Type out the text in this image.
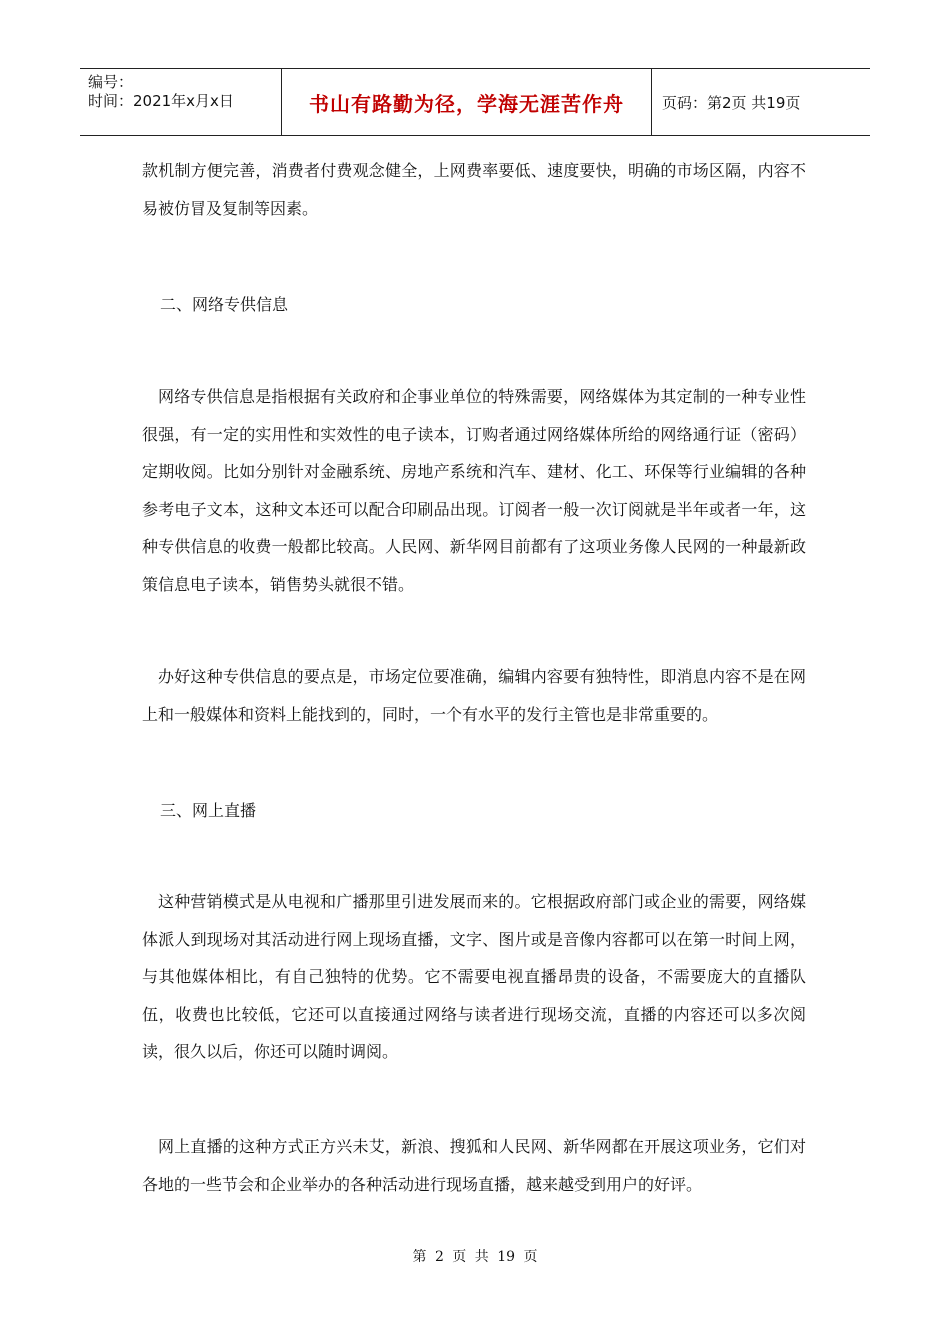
编号：
时间：2021年x月x日	书山有路勤为径，学海无涯苦作舟	页码：第2页 共19页

款机制方便完善，消费者付费观念健全，上网费率要低、速度要快，明确的市场区隔，内容不易被仿冒及复制等因素。

二、网络专供信息

网络专供信息是指根据有关政府和企事业单位的特殊需要，网络媒体为其定制的一种专业性很强，有一定的实用性和实效性的电子读本，订购者通过网络媒体所给的网络通行证（密码）定期收阅。比如分别针对金融系统、房地产系统和汽车、建材、化工、环保等行业编辑的各种参考电子文本，这种文本还可以配合印刷品出现。订阅者一般一次订阅就是半年或者一年，这种专供信息的收费一般都比较高。人民网、新华网目前都有了这项业务像人民网的一种最新政策信息电子读本，销售势头就很不错。

办好这种专供信息的要点是，市场定位要准确，编辑内容要有独特性，即消息内容不是在网上和一般媒体和资料上能找到的，同时，一个有水平的发行主管也是非常重要的。

三、网上直播

这种营销模式是从电视和广播那里引进发展而来的。它根据政府部门或企业的需要，网络媒体派人到现场对其活动进行网上现场直播，文字、图片或是音像内容都可以在第一时间上网，与其他媒体相比，有自己独特的优势。它不需要电视直播昂贵的设备，不需要庞大的直播队伍，收费也比较低，它还可以直接通过网络与读者进行现场交流，直播的内容还可以多次阅读，很久以后，你还可以随时调阅。

网上直播的这种方式正方兴未艾，新浪、搜狐和人民网、新华网都在开展这项业务，它们对各地的一些节会和企业举办的各种活动进行现场直播，越来越受到用户的好评。

第 2 页 共 19 页
